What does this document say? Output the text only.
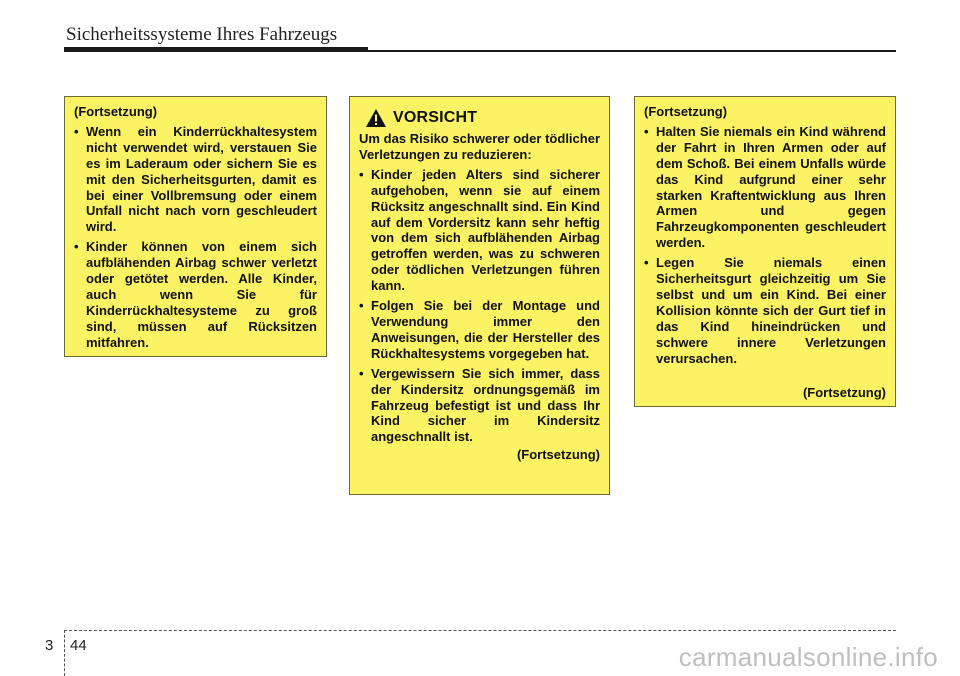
Sicherheitssysteme Ihres Fahrzeugs

(Fortsetzung)

• Wenn ein Kinderrückhaltesystem nicht verwendet wird, verstauen Sie es im Laderaum oder sichern Sie es mit den Sicherheitsgurten, damit es bei einer Vollbremsung oder einem Unfall nicht nach vorn geschleudert wird.
• Kinder können von einem sich aufblähenden Airbag schwer verletzt oder getötet werden. Alle Kinder, auch wenn Sie für Kinderrückhaltesysteme zu groß sind, müssen auf Rücksitzen mitfahren.
VORSICHT

Um das Risiko schwerer oder tödlicher Verletzungen zu reduzieren:

• Kinder jeden Alters sind sicherer aufgehoben, wenn sie auf einem Rücksitz angeschnallt sind. Ein Kind auf dem Vordersitz kann sehr heftig von dem sich aufblähenden Airbag getroffen werden, was zu schweren oder tödlichen Verletzungen führen kann.
• Folgen Sie bei der Montage und Verwendung immer den Anweisungen, die der Hersteller des Rückhaltesystems vorgegeben hat.
• Vergewissern Sie sich immer, dass der Kindersitz ordnungsgemäß im Fahrzeug befestigt ist und dass Ihr Kind sicher im Kindersitz angeschnallt ist.

(Fortsetzung)

(Fortsetzung)

• Halten Sie niemals ein Kind während der Fahrt in Ihren Armen oder auf dem Schoß. Bei einem Unfalls würde das Kind aufgrund einer sehr starken Kraftentwicklung aus Ihren Armen und gegen Fahrzeugkomponenten geschleudert werden.
• Legen Sie niemals einen Sicherheitsgurt gleichzeitig um Sie selbst und um ein Kind. Bei einer Kollision könnte sich der Gurt tief in das Kind hineindrücken und schwere innere Verletzungen verursachen.

(Fortsetzung)

3 44	carmanualsonline.info
